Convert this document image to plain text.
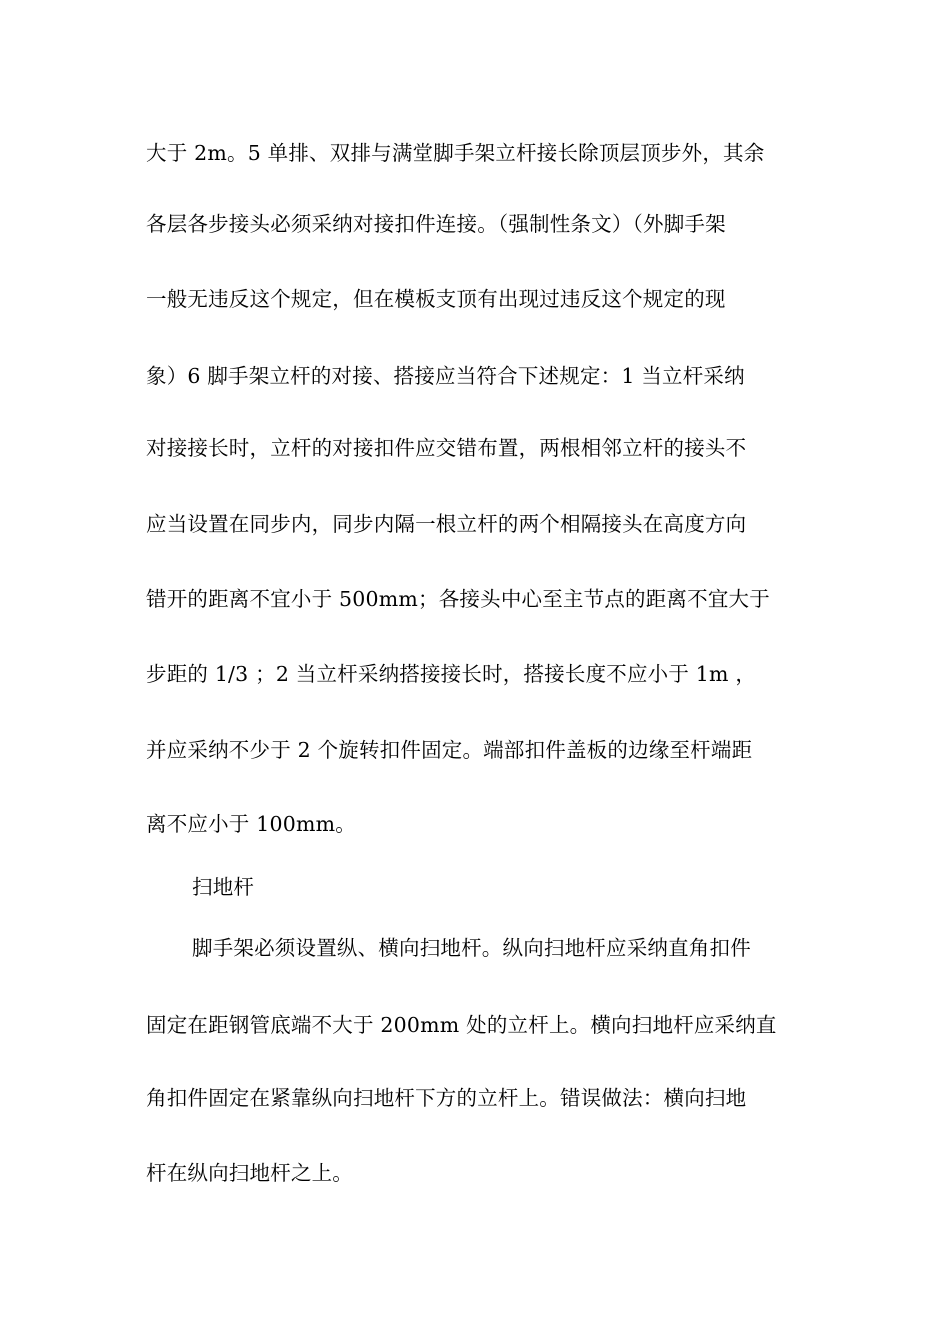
大于 2m。5 单排、双排与满堂脚手架立杆接长除顶层顶步外，其余
各层各步接头必须采纳对接扣件连接。（强制性条文）（外脚手架
一般无违反这个规定，但在模板支顶有出现过违反这个规定的现
象）6 脚手架立杆的对接、搭接应当符合下述规定：1 当立杆采纳
对接接长时，立杆的对接扣件应交错布置，两根相邻立杆的接头不
应当设置在同步内，同步内隔一根立杆的两个相隔接头在高度方向
错开的距离不宜小于 500mm；各接头中心至主节点的距离不宜大于
步距的 1/3 ；2 当立杆采纳搭接接长时，搭接长度不应小于 1m ，
并应采纳不少于 2 个旋转扣件固定。端部扣件盖板的边缘至杆端距
离不应小于 100mm。
扫地杆
脚手架必须设置纵、横向扫地杆。纵向扫地杆应采纳直角扣件
固定在距钢管底端不大于 200mm 处的立杆上。横向扫地杆应采纳直
角扣件固定在紧靠纵向扫地杆下方的立杆上。错误做法：横向扫地
杆在纵向扫地杆之上。
